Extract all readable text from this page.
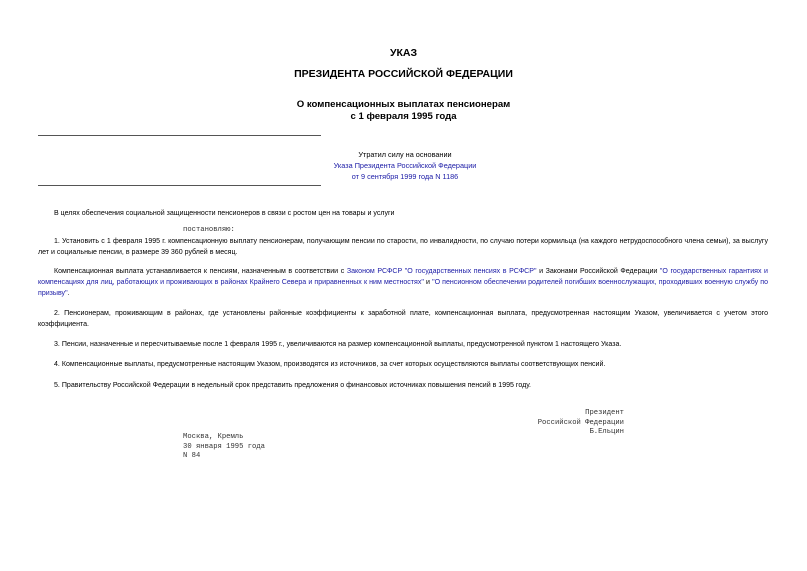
УКАЗ
ПРЕЗИДЕНТА РОССИЙСКОЙ ФЕДЕРАЦИИ
О компенсационных выплатах пенсионерам
с 1 февраля 1995 года
Утратил силу на основании
Указа Президента Российской Федерации
от 9 сентября 1999 года N 1186
В целях обеспечения социальной защищенности пенсионеров в связи с ростом цен на товары и услуги
постановляю:
1. Установить с 1 февраля 1995 г. компенсационную выплату пенсионерам, получающим пенсии по старости, по инвалидности, по случаю потери кормильца (на каждого нетрудоспособного члена семьи), за выслугу лет и социальные пенсии, в размере 39 360 рублей в месяц.
Компенсационная выплата устанавливается к пенсиям, назначенным в соответствии с Законом РСФСР "О государственных пенсиях в РСФСР" и Законами Российской Федерации "О государственных гарантиях и компенсациях для лиц, работающих и проживающих в районах Крайнего Севера и приравненных к ним местностях" и "О пенсионном обеспечении родителей погибших военнослужащих, проходивших военную службу по призыву".
2. Пенсионерам, проживающим в районах, где установлены районные коэффициенты к заработной плате, компенсационная выплата, предусмотренная настоящим Указом, увеличивается с учетом этого коэффициента.
3. Пенсии, назначенные и пересчитываемые после 1 февраля 1995 г., увеличиваются на размер компенсационной выплаты, предусмотренной пунктом 1 настоящего Указа.
4. Компенсационные выплаты, предусмотренные настоящим Указом, производятся из источников, за счет которых осуществляются выплаты соответствующих пенсий.
5. Правительству Российской Федерации в недельный срок представить предложения о финансовых источниках повышения пенсий в 1995 году.
Президент
Российской Федерации
Б.Ельцин
Москва, Кремль
30 января 1995 года
N 84
